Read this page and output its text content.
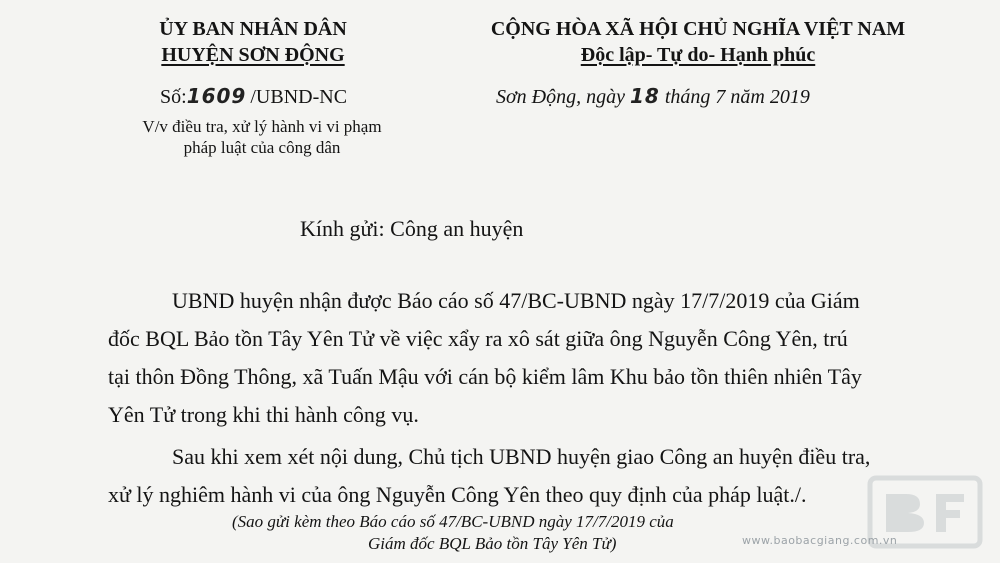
ỦY BAN NHÂN DÂN
HUYỆN SƠN ĐỘNG
Số:1609 /UBND-NC
V/v điều tra, xử lý hành vi vi phạm
pháp luật của công dân
CỘNG HÒA XÃ HỘI CHỦ NGHĨA VIỆT NAM
Độc lập- Tự do- Hạnh phúc
Sơn Động, ngày 18 tháng 7 năm 2019
Kính gửi: Công an huyện
UBND huyện nhận được Báo cáo số 47/BC-UBND ngày 17/7/2019 của Giám
đốc BQL Bảo tồn Tây Yên Tử về việc xẩy ra xô sát giữa ông Nguyễn Công Yên, trú
tại thôn Đồng Thông, xã Tuấn Mậu với cán bộ kiểm lâm Khu bảo tồn thiên nhiên Tây
Yên Tử trong khi thi hành công vụ.
Sau khi xem xét nội dung, Chủ tịch UBND huyện giao Công an huyện điều tra,
xử lý nghiêm hành vi của ông Nguyễn Công Yên theo quy định của pháp luật./.
(Sao gửi kèm theo Báo cáo số 47/BC-UBND ngày 17/7/2019 của
Giám đốc BQL Bảo tồn Tây Yên Tử)	www.baobacgiang.com.vn
